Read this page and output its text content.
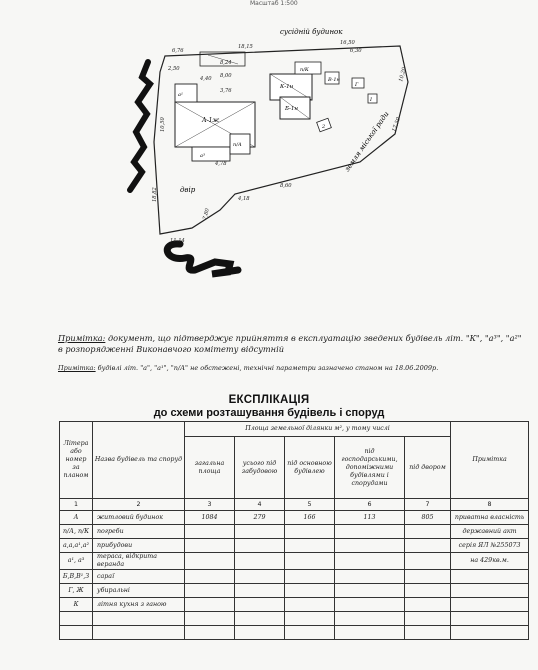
Масштаб 1:500
сусідній будинок
земля міської ради
двір
А-1ж
К-1н
Б-1н
В-1н
Г
I
2
а¹
а³
п/А
п/К
6,76
18,15
16,50
8,24
8,00
2,50
4,40
3,76
10,50
4,78
10,20
17,50
18,82
8,60
4,18
7,80
11,14
6,30
Примітка: документ, що підтверджує прийняття в експлуатацію зведених будівель літ. "К", "а³", "а²" в розпорядженні Виконавчого комітету відсутній
Примітка: будівлі літ. "а", "а¹", "п/А" не обстежені, технічні параметри зазначено станом на 18.06.2009р.
ЕКСПЛІКАЦІЯ
до схеми розташування будівель і споруд
Літера або номер за планом	Назва будівель та споруд	Площа земельної ділянки м², у тому числі					Примітка
		загальна площа	усього під забудовою	під основною будівлею	під господарськими, допоміжними будівлями і спорудами	під двором	
1	2	3	4	5	6	7	8
А	житловий будинок	1084	279	166	113	805	приватна власність
п/А, п/К	погреби						державний акт
а,а,а¹,а²	прибудови						серія ЯЛ №255073
а¹, а³	тераса, відкрита веранда						на 429кв.м.
Б,В,В¹,З	сараї						
Г, Ж	убиральні						
К	літня кухня з ганою						
